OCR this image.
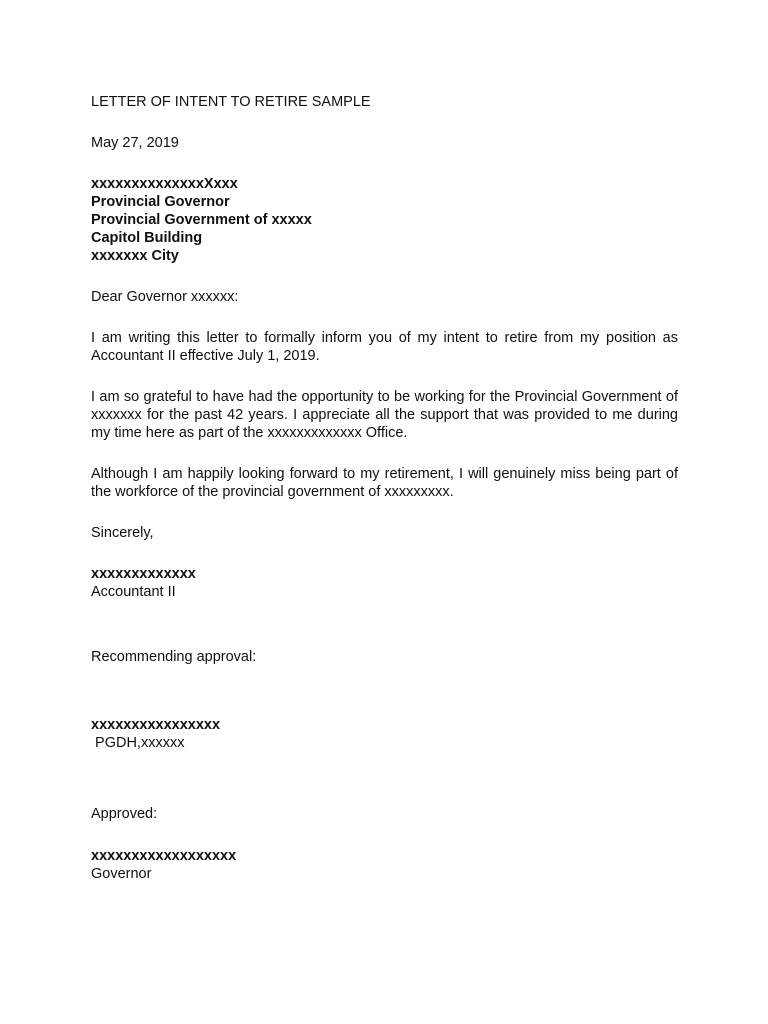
LETTER OF INTENT TO RETIRE SAMPLE
May 27, 2019
xxxxxxxxxxxxxxXxxx
Provincial Governor
Provincial Government of xxxxx
Capitol Building
xxxxxxx City
Dear Governor xxxxxx:
I am writing this letter to formally inform you of my intent to retire from my position as Accountant II effective July 1, 2019.
I am so grateful to have had the opportunity to be working for the Provincial Government of xxxxxxx for the past 42 years. I appreciate all the support that was provided to me during my time here as part of the xxxxxxxxxxxxx Office.
Although I am happily looking forward to my retirement, I will genuinely miss being part of the workforce of the provincial government of xxxxxxxxx.
Sincerely,
xxxxxxxxxxxxx
Accountant II
Recommending approval:
xxxxxxxxxxxxxxxx
PGDH,xxxxxx
Approved:
xxxxxxxxxxxxxxxxxx
Governor
